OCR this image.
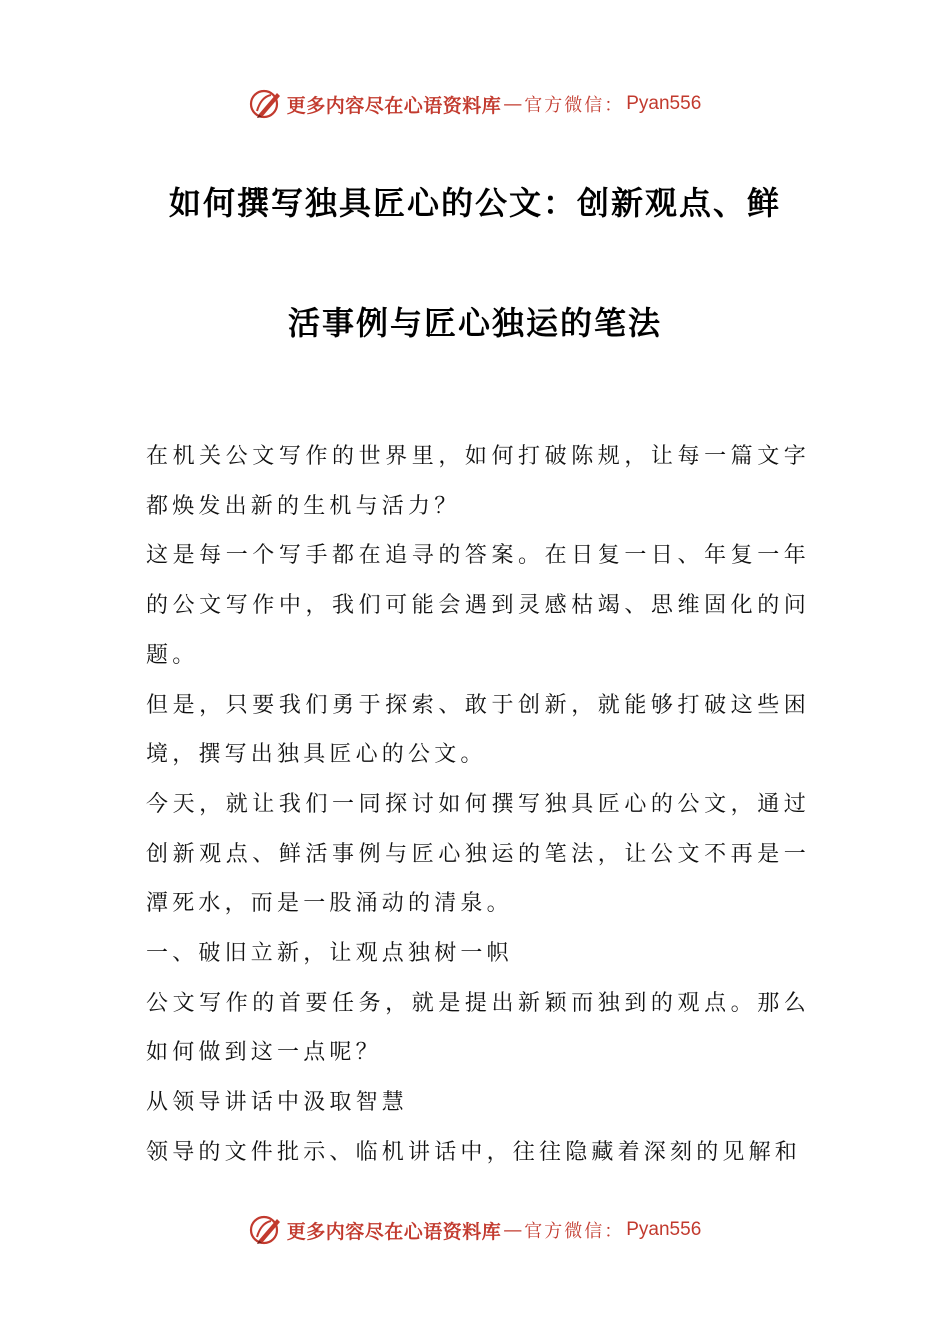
更多内容尽在心语资料库 — 官方微信： Pyan556
如何撰写独具匠心的公文：创新观点、鲜
活事例与匠心独运的笔法

在机关公文写作的世界里，如何打破陈规，让每一篇文字都焕发出新的生机与活力？

这是每一个写手都在追寻的答案。在日复一日、年复一年的公文写作中，我们可能会遇到灵感枯竭、思维固化的问题。

但是，只要我们勇于探索、敢于创新，就能够打破这些困境，撰写出独具匠心的公文。

今天，就让我们一同探讨如何撰写独具匠心的公文，通过创新观点、鲜活事例与匠心独运的笔法，让公文不再是一潭死水，而是一股涌动的清泉。

一、破旧立新，让观点独树一帜

公文写作的首要任务，就是提出新颖而独到的观点。那么如何做到这一点呢？

从领导讲话中汲取智慧

领导的文件批示、临机讲话中，往往隐藏着深刻的见解和

更多内容尽在心语资料库 — 官方微信： Pyan556
